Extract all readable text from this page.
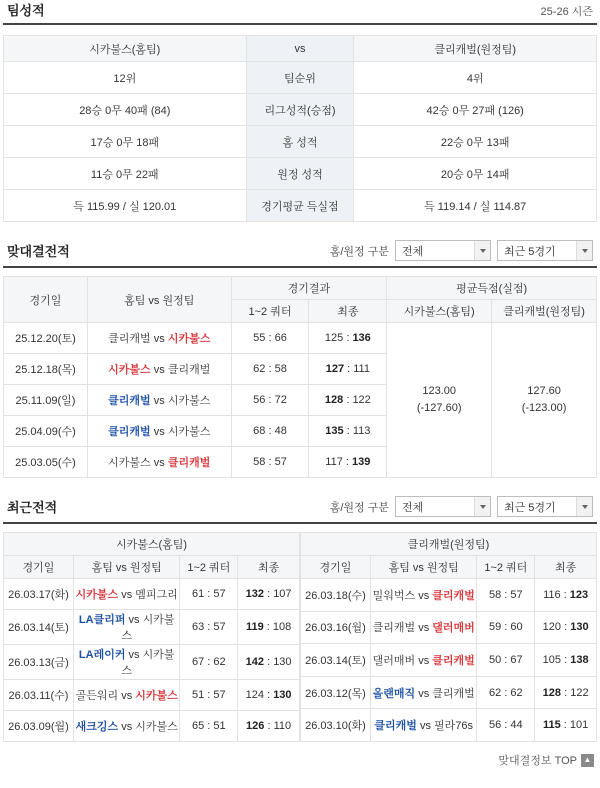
팀성적	25-26 시즌
시카불스(홈팀)	vs	클리캐벌(원정팀)
12위	팀순위	4위
28승 0무 40패 (84)	리그성적(승점)	42승 0무 27패 (126)
17승 0무 18패	홈 성적	22승 0무 13패
11승 0무 22패	원정 성적	20승 0무 14패
득 115.99 / 실 120.01	경기평균 득실점	득 119.14 / 실 114.87
맞대결전적	홈/원정 구분 전체	최근 5경기
경기일	홈팀 vs 원정팀	경기결과		평균득점(실점)	
		1~2 쿼터	최종	시카불스(홈팀)	클리캐벌(원정팀)
25.12.20(토)	클리캐벌 vs 시카불스	55 : 66	125 : 136	
123.00
(-127.60)

127.60
(-123.00)

25.12.18(목)	시카불스 vs 클리캐벌	62 : 58	127 : 111		
25.11.09(일)	클리캐벌 vs 시카불스	56 : 72	128 : 122		
25.04.09(수)	클리캐벌 vs 시카불스	68 : 48	135 : 113		
25.03.05(수)	시카불스 vs 클리캐벌	58 : 57	117 : 139		
최근전적	홈/원정 구분 전체	최근 5경기
시카불스(홈팀)			
경기일	홈팀 vs 원정팀	1~2 쿼터	최종
26.03.17(화)	시카불스 vs 멤피그리	61 : 57	132 : 107
26.03.14(토)	LA클리퍼 vs 시카불스	63 : 57	119 : 108
26.03.13(금)	LA레이커 vs 시카불스	67 : 62	142 : 130
26.03.11(수)	골든워리 vs 시카불스	51 : 57	124 : 130
26.03.09(월)	새크깅스 vs 시카불스	65 : 51	126 : 110
클리캐벌(원정팀)			
경기일	홈팀 vs 원정팀	1~2 쿼터	최종
26.03.18(수)	밀워벅스 vs 클리캐벌	58 : 57	116 : 123
26.03.16(월)	클리캐벌 vs 댈러매버	59 : 60	120 : 130
26.03.14(토)	댈러매버 vs 클리캐벌	50 : 67	105 : 138
26.03.12(목)	올랜매직 vs 클리캐벌	62 : 62	128 : 122
26.03.10(화)	클리캐벌 vs 필라76s	56 : 44	115 : 101
맞대결정보 TOP ▲
